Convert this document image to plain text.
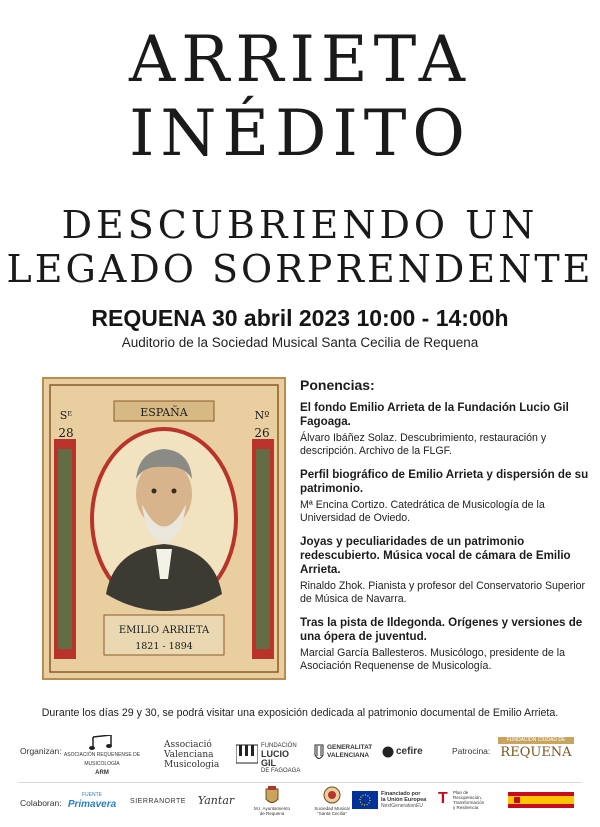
ARRIETA
INÉDITO
DESCUBRIENDO UN
LEGADO SORPRENDENTE
REQUENA 30 abril 2023 10:00 - 14:00h
Auditorio de la Sociedad Musical Santa Cecilia de Requena
ESPAÑA
Sᴱ
28
Nº
26
EMILIO ARRIETA
1821 - 1894
Ponencias:
El fondo Emilio Arrieta de la Fundación Lucio Gil Fagoaga.
Álvaro Ibáñez Solaz. Descubrimiento, restauración y descripción. Archivo de la FLGF.
Perfil biográfico de Emilio Arrieta y dispersión de su patrimonio.
Mª Encina Cortizo. Catedrática de Musicología de la Universidad de Oviedo.
Joyas y peculiaridades de un patrimonio redescubierto. Música vocal de cámara de Emilio Arrieta.
Rinaldo Zhok. Pianista y profesor del Conservatorio Superior de Música de Navarra.
Tras la pista de Ildegonda. Orígenes y versiones de una ópera de juventud.
Marcial García Ballesteros. Musicólogo, presidente de la Asociación Requenense de Musicología.
Durante los días 29 y 30, se podrá visitar una exposición dedicada al patrimonio documental de Emilio Arrieta.
Organizan: ASOCIACIÓN REQUENENSE DE MUSICOLOGÍA
ARM
Associació
Valenciana
Musicologia
FUNDACIÓN
LUCIO GIL
DE FAGOAGA
GENERALITAT
VALENCIANA	cefire	Patrocina:
FUNDACIÓN CIUDAD DE
REQUENA
Colaboran:
FUENTE
Primavera SIERRANORTE	Yantar
M.I. Ayuntamiento
de Requena
Sociedad Musical
"Santa Cecilia"
Financiado por
la Unión Europea
NextGenerationEU T Plan de
Recuperación,
Transformación
y Resiliencia
